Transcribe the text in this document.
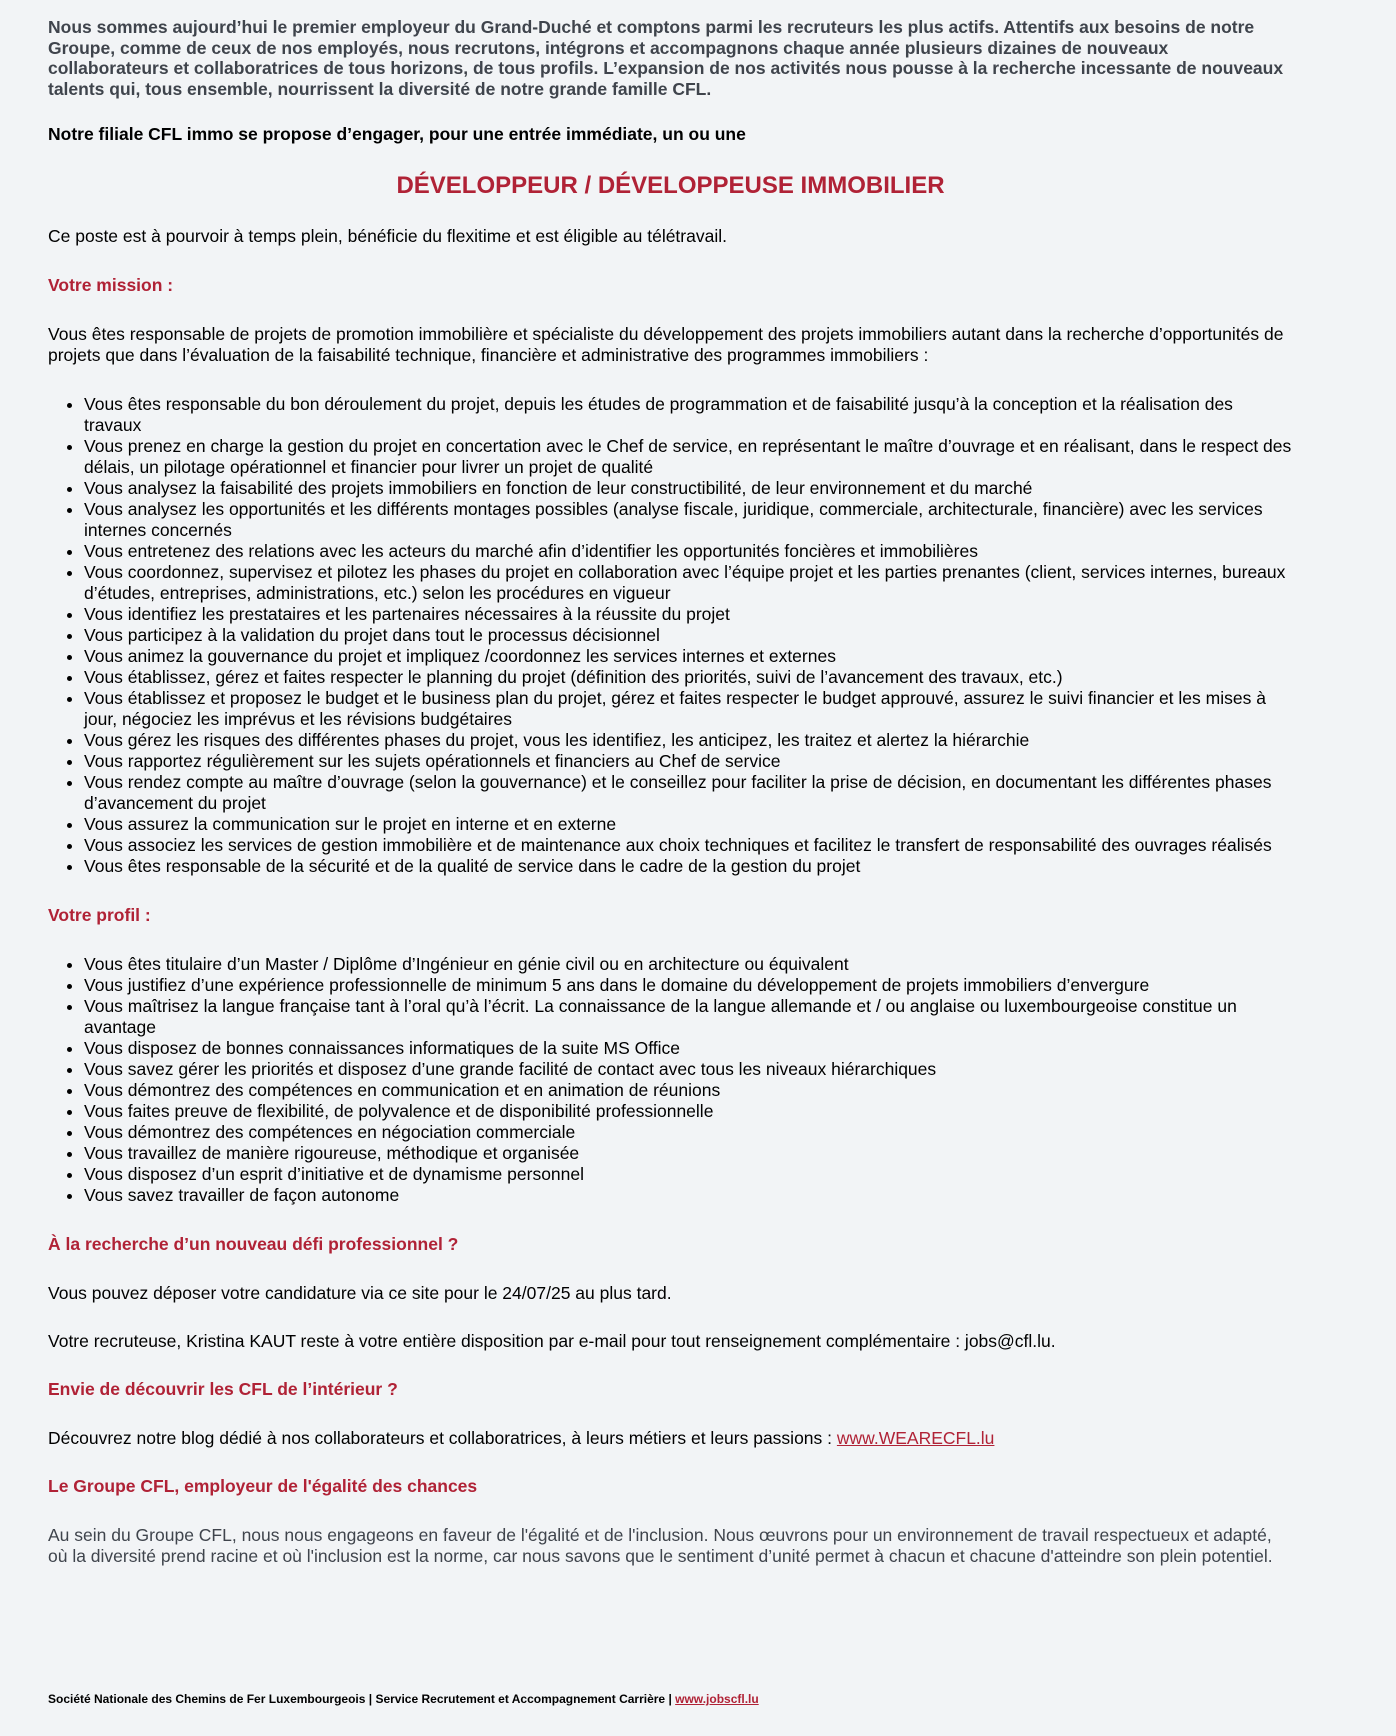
Nous sommes aujourd’hui le premier employeur du Grand-Duché et comptons parmi les recruteurs les plus actifs. Attentifs aux besoins de notre Groupe, comme de ceux de nos employés, nous recrutons, intégrons et accompagnons chaque année plusieurs dizaines de nouveaux collaborateurs et collaboratrices de tous horizons, de tous profils. L’expansion de nos activités nous pousse à la recherche incessante de nouveaux talents qui, tous ensemble, nourrissent la diversité de notre grande famille CFL.

Notre filiale CFL immo se propose d’engager, pour une entrée immédiate, un ou une

DÉVELOPPEUR / DÉVELOPPEUSE IMMOBILIER

Ce poste est à pourvoir à temps plein, bénéficie du flexitime et est éligible au télétravail.

Votre mission :

Vous êtes responsable de projets de promotion immobilière et spécialiste du développement des projets immobiliers autant dans la recherche d’opportunités de projets que dans l’évaluation de la faisabilité technique, financière et administrative des programmes immobiliers :

• Vous êtes responsable du bon déroulement du projet, depuis les études de programmation et de faisabilité jusqu’à la conception et la réalisation des travaux
• Vous prenez en charge la gestion du projet en concertation avec le Chef de service, en représentant le maître d’ouvrage et en réalisant, dans le respect des délais, un pilotage opérationnel et financier pour livrer un projet de qualité
• Vous analysez la faisabilité des projets immobiliers en fonction de leur constructibilité, de leur environnement et du marché
• Vous analysez les opportunités et les différents montages possibles (analyse fiscale, juridique, commerciale, architecturale, financière) avec les services internes concernés
• Vous entretenez des relations avec les acteurs du marché afin d’identifier les opportunités foncières et immobilières
• Vous coordonnez, supervisez et pilotez les phases du projet en collaboration avec l’équipe projet et les parties prenantes (client, services internes, bureaux d’études, entreprises, administrations, etc.) selon les procédures en vigueur
• Vous identifiez les prestataires et les partenaires nécessaires à la réussite du projet
• Vous participez à la validation du projet dans tout le processus décisionnel
• Vous animez la gouvernance du projet et impliquez /coordonnez les services internes et externes
• Vous établissez, gérez et faites respecter le planning du projet (définition des priorités, suivi de l’avancement des travaux, etc.)
• Vous établissez et proposez le budget et le business plan du projet, gérez et faites respecter le budget approuvé, assurez le suivi financier et les mises à jour, négociez les imprévus et les révisions budgétaires
• Vous gérez les risques des différentes phases du projet, vous les identifiez, les anticipez, les traitez et alertez la hiérarchie
• Vous rapportez régulièrement sur les sujets opérationnels et financiers au Chef de service
• Vous rendez compte au maître d’ouvrage (selon la gouvernance) et le conseillez pour faciliter la prise de décision, en documentant les différentes phases d’avancement du projet
• Vous assurez la communication sur le projet en interne et en externe
• Vous associez les services de gestion immobilière et de maintenance aux choix techniques et facilitez le transfert de responsabilité des ouvrages réalisés
• Vous êtes responsable de la sécurité et de la qualité de service dans le cadre de la gestion du projet
Votre profil :
• Vous êtes titulaire d’un Master / Diplôme d’Ingénieur en génie civil ou en architecture ou équivalent
• Vous justifiez d’une expérience professionnelle de minimum 5 ans dans le domaine du développement de projets immobiliers d’envergure
• Vous maîtrisez la langue française tant à l’oral qu’à l’écrit. La connaissance de la langue allemande et / ou anglaise ou luxembourgeoise constitue un avantage
• Vous disposez de bonnes connaissances informatiques de la suite MS Office
• Vous savez gérer les priorités et disposez d’une grande facilité de contact avec tous les niveaux hiérarchiques
• Vous démontrez des compétences en communication et en animation de réunions
• Vous faites preuve de flexibilité, de polyvalence et de disponibilité professionnelle
• Vous démontrez des compétences en négociation commerciale
• Vous travaillez de manière rigoureuse, méthodique et organisée
• Vous disposez d’un esprit d’initiative et de dynamisme personnel
• Vous savez travailler de façon autonome
À la recherche d’un nouveau défi professionnel ?

Vous pouvez déposer votre candidature via ce site pour le 24/07/25 au plus tard.

Votre recruteuse, Kristina KAUT reste à votre entière disposition par e-mail pour tout renseignement complémentaire : jobs@cfl.lu.

Envie de découvrir les CFL de l’intérieur ?

Découvrez notre blog dédié à nos collaborateurs et collaboratrices, à leurs métiers et leurs passions : www.WEARECFL.lu

Le Groupe CFL, employeur de l'égalité des chances

Au sein du Groupe CFL, nous nous engageons en faveur de l'égalité et de l'inclusion. Nous œuvrons pour un environnement de travail respectueux et adapté, où la diversité prend racine et où l'inclusion est la norme, car nous savons que le sentiment d’unité permet à chacun et chacune d'atteindre son plein potentiel.

Société Nationale des Chemins de Fer Luxembourgeois | Service Recrutement et Accompagnement Carrière | www.jobscfl.lu
